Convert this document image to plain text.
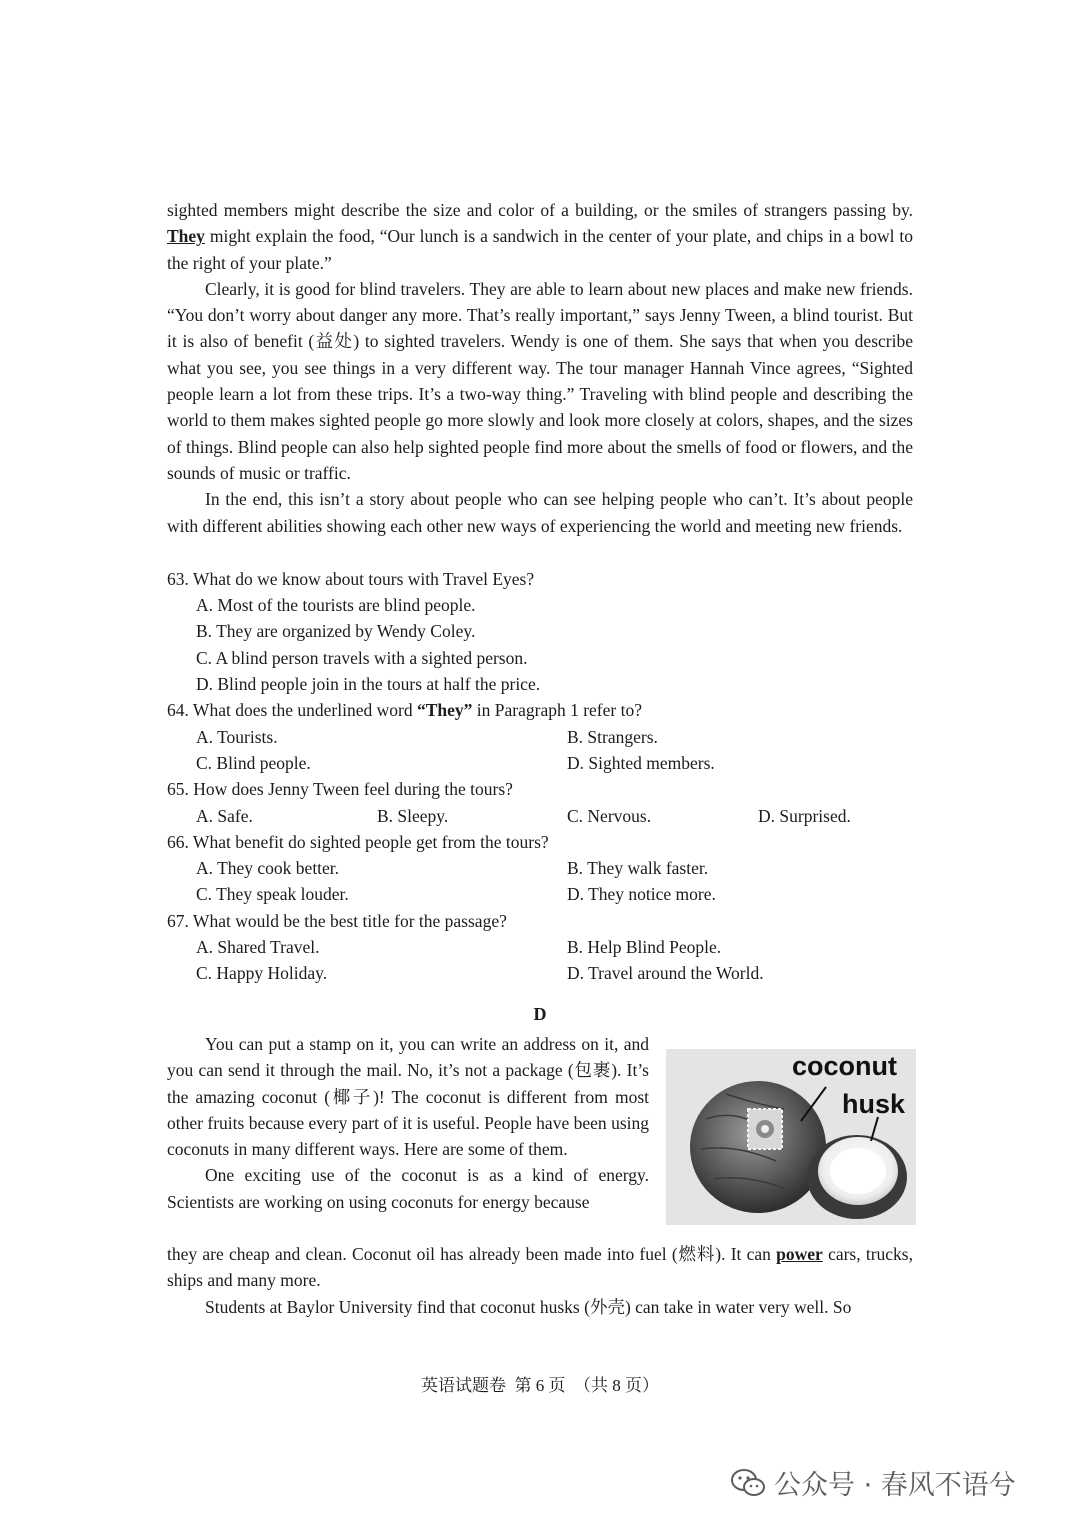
sighted members might describe the size and color of a building, or the smiles of strangers passing by. They might explain the food, “Our lunch is a sandwich in the center of your plate, and chips in a bowl to the right of your plate.”

Clearly, it is good for blind travelers. They are able to learn about new places and make new friends. “You don’t worry about danger any more. That’s really important,” says Jenny Tween, a blind tourist. But it is also of benefit (益处) to sighted travelers. Wendy is one of them. She says that when you describe what you see, you see things in a very different way. The tour manager Hannah Vince agrees, “Sighted people learn a lot from these trips. It’s a two-way thing.” Traveling with blind people and describing the world to them makes sighted people go more slowly and look more closely at colors, shapes, and the sizes of things. Blind people can also help sighted people find more about the smells of food or flowers, and the sounds of music or traffic.

In the end, this isn’t a story about people who can see helping people who can’t. It’s about people with different abilities showing each other new ways of experiencing the world and meeting new friends.

63. What do we know about tours with Travel Eyes?
A. Most of the tourists are blind people.
B. They are organized by Wendy Coley.
C. A blind person travels with a sighted person.
D. Blind people join in the tours at half the price.
64. What does the underlined word “They” in Paragraph 1 refer to?
A. Tourists.	B. Strangers.
C. Blind people.	D. Sighted members.
65. How does Jenny Tween feel during the tours?
A. Safe.	B. Sleepy.	C. Nervous.	D. Surprised.
66. What benefit do sighted people get from the tours?
A. They cook better.	B. They walk faster.
C. They speak louder.	D. They notice more.
67. What would be the best title for the passage?
A. Shared Travel.	B. Help Blind People.
C. Happy Holiday.	D. Travel around the World.
D

You can put a stamp on it, you can write an address on it, and you can send it through the mail. No, it’s not a package (包裹). It’s the amazing coconut (椰子)! The coconut is different from most other fruits because every part of it is useful. People have been using coconuts in many different ways. Here are some of them.

One exciting use of the coconut is as a kind of energy. Scientists are working on using coconuts for energy because

coconut
husk

they are cheap and clean. Coconut oil has already been made into fuel (燃料). It can power cars, trucks, ships and many more.

Students at Baylor University find that coconut husks (外壳) can take in water very well. So

英语试题卷  第 6 页  （共 8 页）
公众号 · 春风不语兮
